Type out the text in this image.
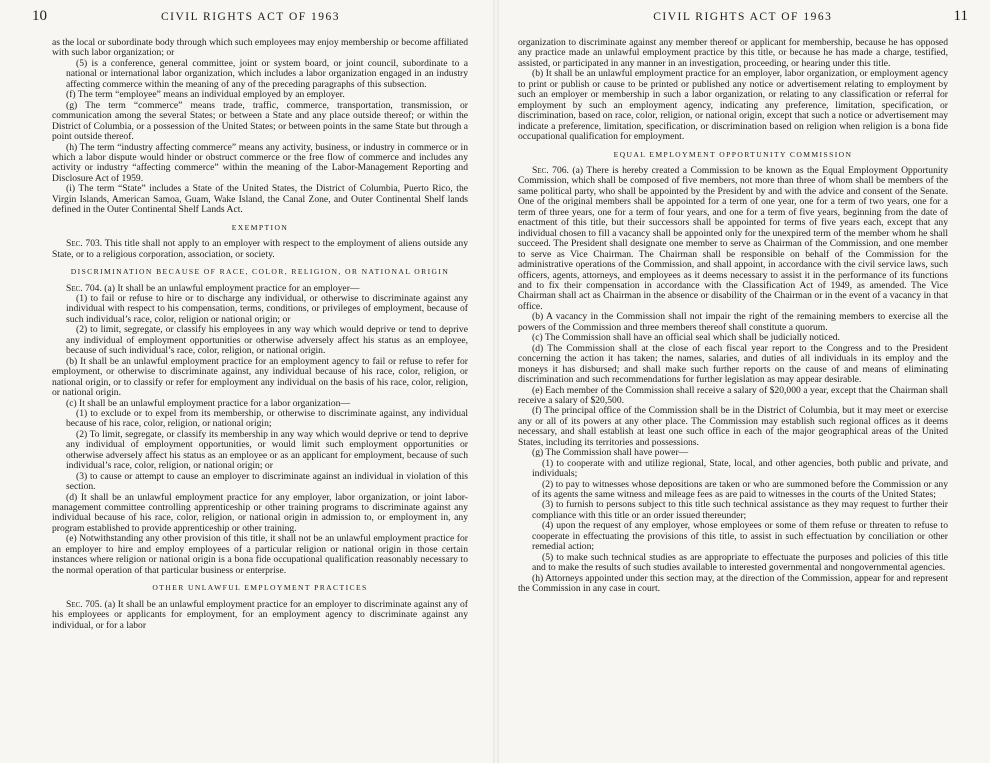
10	CIVIL RIGHTS ACT OF 1963

as the local or subordinate body through which such employees may enjoy membership or become affiliated with such labor organization; or

(5) is a conference, general committee, joint or system board, or joint council, subordinate to a national or international labor organization, which includes a labor organization engaged in an industry affecting commerce within the meaning of any of the preceding paragraphs of this subsection.

(f) The term “employee” means an individual employed by an employer.

(g) The term “commerce” means trade, traffic, commerce, transportation, transmission, or communication among the several States; or between a State and any place outside thereof; or within the District of Columbia, or a possession of the United States; or between points in the same State but through a point outside thereof.

(h) The term “industry affecting commerce” means any activity, business, or industry in commerce or in which a labor dispute would hinder or obstruct commerce or the free flow of commerce and includes any activity or industry “affecting commerce” within the meaning of the Labor-Management Reporting and Disclosure Act of 1959.

(i) The term “State” includes a State of the United States, the District of Columbia, Puerto Rico, the Virgin Islands, American Samoa, Guam, Wake Island, the Canal Zone, and Outer Continental Shelf lands defined in the Outer Continental Shelf Lands Act.

EXEMPTION

Sec. 703. This title shall not apply to an employer with respect to the employment of aliens outside any State, or to a religious corporation, association, or society.

DISCRIMINATION BECAUSE OF RACE, COLOR, RELIGION, OR NATIONAL ORIGIN

Sec. 704. (a) It shall be an unlawful employment practice for an employer—

(1) to fail or refuse to hire or to discharge any individual, or otherwise to discriminate against any individual with respect to his compensation, terms, conditions, or privileges of employment, because of such individual’s race, color, religion or national origin; or

(2) to limit, segregate, or classify his employees in any way which would deprive or tend to deprive any individual of employment opportunities or otherwise adversely affect his status as an employee, because of such individual’s race, color, religion, or national origin.

(b) It shall be an unlawful employment practice for an employment agency to fail or refuse to refer for employment, or otherwise to discriminate against, any individual because of his race, color, religion, or national origin, or to classify or refer for employment any individual on the basis of his race, color, religion, or national origin.

(c) It shall be an unlawful employment practice for a labor organization—

(1) to exclude or to expel from its membership, or otherwise to discriminate against, any individual because of his race, color, religion, or national origin;

(2) To limit, segregate, or classify its membership in any way which would deprive or tend to deprive any individual of employment opportunities, or would limit such employment opportunities or otherwise adversely affect his status as an employee or as an applicant for employment, because of such individual’s race, color, religion, or national origin; or

(3) to cause or attempt to cause an employer to discriminate against an individual in violation of this section.

(d) It shall be an unlawful employment practice for any employer, labor organization, or joint labor-management committee controlling apprenticeship or other training programs to discriminate against any individual because of his race, color, religion, or national origin in admission to, or employment in, any program established to provide apprenticeship or other training.

(e) Notwithstanding any other provision of this title, it shall not be an unlawful employment practice for an employer to hire and employ employees of a particular religion or national origin in those certain instances where religion or national origin is a bona fide occupational qualification reasonably necessary to the normal operation of that particular business or enterprise.

OTHER UNLAWFUL EMPLOYMENT PRACTICES

Sec. 705. (a) It shall be an unlawful employment practice for an employer to discriminate against any of his employees or applicants for employment, for an employment agency to discriminate against any individual, or for a labor

CIVIL RIGHTS ACT OF 1963	11

organization to discriminate against any member thereof or applicant for membership, because he has opposed any practice made an unlawful employment practice by this title, or because he has made a charge, testified, assisted, or participated in any manner in an investigation, proceeding, or hearing under this title.

(b) It shall be an unlawful employment practice for an employer, labor organization, or employment agency to print or publish or cause to be printed or published any notice or advertisement relating to employment by such an employer or membership in such a labor organization, or relating to any classification or referral for employment by such an employment agency, indicating any preference, limitation, specification, or discrimination, based on race, color, religion, or national origin, except that such a notice or advertisement may indicate a preference, limitation, specification, or discrimination based on religion when religion is a bona fide occupational qualification for employment.

EQUAL EMPLOYMENT OPPORTUNITY COMMISSION

Sec. 706. (a) There is hereby created a Commission to be known as the Equal Employment Opportunity Commission, which shall be composed of five members, not more than three of whom shall be members of the same political party, who shall be appointed by the President by and with the advice and consent of the Senate. One of the original members shall be appointed for a term of one year, one for a term of two years, one for a term of three years, one for a term of four years, and one for a term of five years, beginning from the date of enactment of this title, but their successors shall be appointed for terms of five years each, except that any individual chosen to fill a vacancy shall be appointed only for the unexpired term of the member whom he shall succeed. The President shall designate one member to serve as Chairman of the Commission, and one member to serve as Vice Chairman. The Chairman shall be responsible on behalf of the Commission for the administrative operations of the Commission, and shall appoint, in accordance with the civil service laws, such officers, agents, attorneys, and employees as it deems necessary to assist it in the performance of its functions and to fix their compensation in accordance with the Classification Act of 1949, as amended. The Vice Chairman shall act as Chairman in the absence or disability of the Chairman or in the event of a vacancy in that office.

(b) A vacancy in the Commission shall not impair the right of the remaining members to exercise all the powers of the Commission and three members thereof shall constitute a quorum.

(c) The Commission shall have an official seal which shall be judicially noticed.

(d) The Commission shall at the close of each fiscal year report to the Congress and to the President concerning the action it has taken; the names, salaries, and duties of all individuals in its employ and the moneys it has disbursed; and shall make such further reports on the cause of and means of eliminating discrimination and such recommendations for further legislation as may appear desirable.

(e) Each member of the Commission shall receive a salary of $20,000 a year, except that the Chairman shall receive a salary of $20,500.

(f) The principal office of the Commission shall be in the District of Columbia, but it may meet or exercise any or all of its powers at any other place. The Commission may establish such regional offices as it deems necessary, and shall establish at least one such office in each of the major geographical areas of the United States, including its territories and possessions.

(g) The Commission shall have power—

(1) to cooperate with and utilize regional, State, local, and other agencies, both public and private, and individuals;

(2) to pay to witnesses whose depositions are taken or who are summoned before the Commission or any of its agents the same witness and mileage fees as are paid to witnesses in the courts of the United States;

(3) to furnish to persons subject to this title such technical assistance as they may request to further their compliance with this title or an order issued thereunder;

(4) upon the request of any employer, whose employees or some of them refuse or threaten to refuse to cooperate in effectuating the provisions of this title, to assist in such effectuation by conciliation or other remedial action;

(5) to make such technical studies as are appropriate to effectuate the purposes and policies of this title and to make the results of such studies available to interested governmental and nongovernmental agencies.

(h) Attorneys appointed under this section may, at the direction of the Commission, appear for and represent the Commission in any case in court.
